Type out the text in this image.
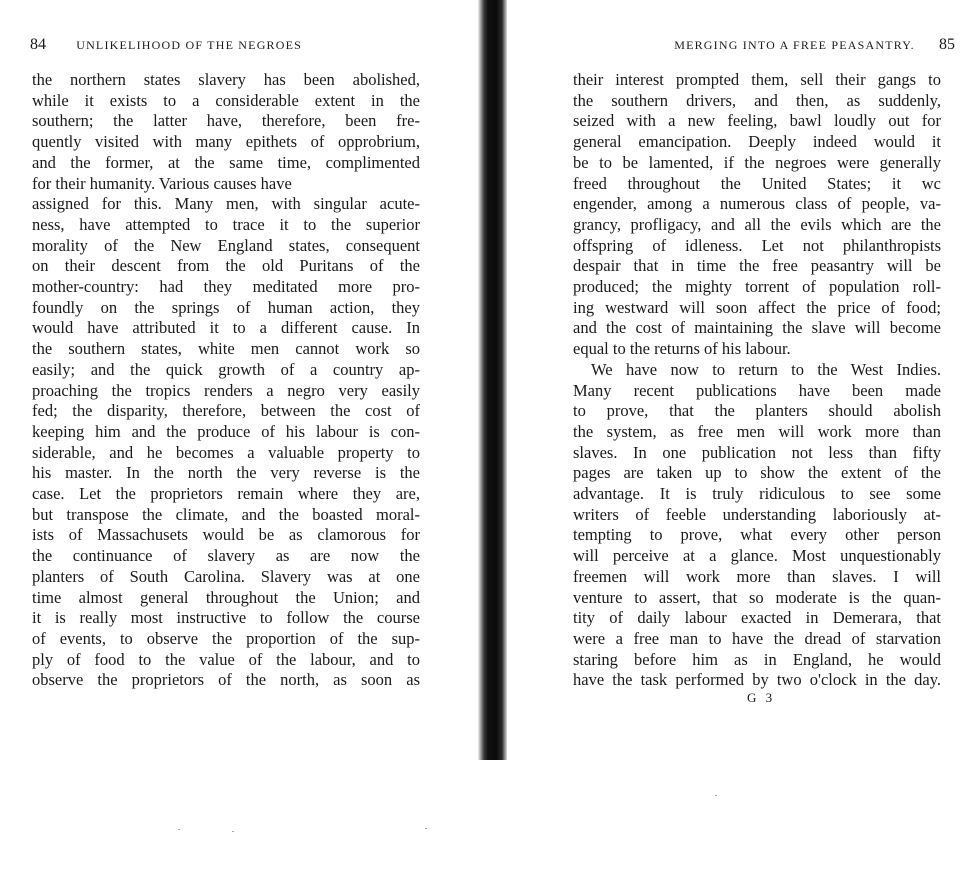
84	UNLIKELIHOOD OF THE NEGROES
the northern states slavery has been abolished,
while it exists to a considerable extent in the
southern; the latter have, therefore, been fre-
quently visited with many epithets of opprobrium,
and the former, at the same time, complimented
for their humanity. Various causes have
assigned for this. Many men, with singular acute-
ness, have attempted to trace it to the superior
morality of the New England states, consequent
on their descent from the old Puritans of the
mother-country: had they meditated more pro-
foundly on the springs of human action, they
would have attributed it to a different cause. In
the southern states, white men cannot work so
easily; and the quick growth of a country ap-
proaching the tropics renders a negro very easily
fed; the disparity, therefore, between the cost of
keeping him and the produce of his labour is con-
siderable, and he becomes a valuable property to
his master. In the north the very reverse is the
case. Let the proprietors remain where they are,
but transpose the climate, and the boasted moral-
ists of Massachusets would be as clamorous for
the continuance of slavery as are now the
planters of South Carolina. Slavery was at one
time almost general throughout the Union; and
it is really most instructive to follow the course
of events, to observe the proportion of the sup-
ply of food to the value of the labour, and to
observe the proprietors of the north, as soon as
MERGING INTO A FREE PEASANTRY. 85
their interest prompted them, sell their gangs to
the southern drivers, and then, as suddenly,
seized with a new feeling, bawl loudly out for
general emancipation. Deeply indeed would it
be to be lamented, if the negroes were generally
freed throughout the United States; it wc
engender, among a numerous class of people, va-
grancy, profligacy, and all the evils which are the
offspring of idleness. Let not philanthropists
despair that in time the free peasantry will be
produced; the mighty torrent of population roll-
ing westward will soon affect the price of food;
and the cost of maintaining the slave will become
equal to the returns of his labour.
We have now to return to the West Indies.
Many recent publications have been made
to prove, that the planters should abolish
the system, as free men will work more than
slaves. In one publication not less than fifty
pages are taken up to show the extent of the
advantage. It is truly ridiculous to see some
writers of feeble understanding laboriously at-
tempting to prove, what every other person
will perceive at a glance. Most unquestionably
freemen will work more than slaves. I will
venture to assert, that so moderate is the quan-
tity of daily labour exacted in Demerara, that
were a free man to have the dread of starvation
staring before him as in England, he would
have the task performed by two o'clock in the day.
G 3
